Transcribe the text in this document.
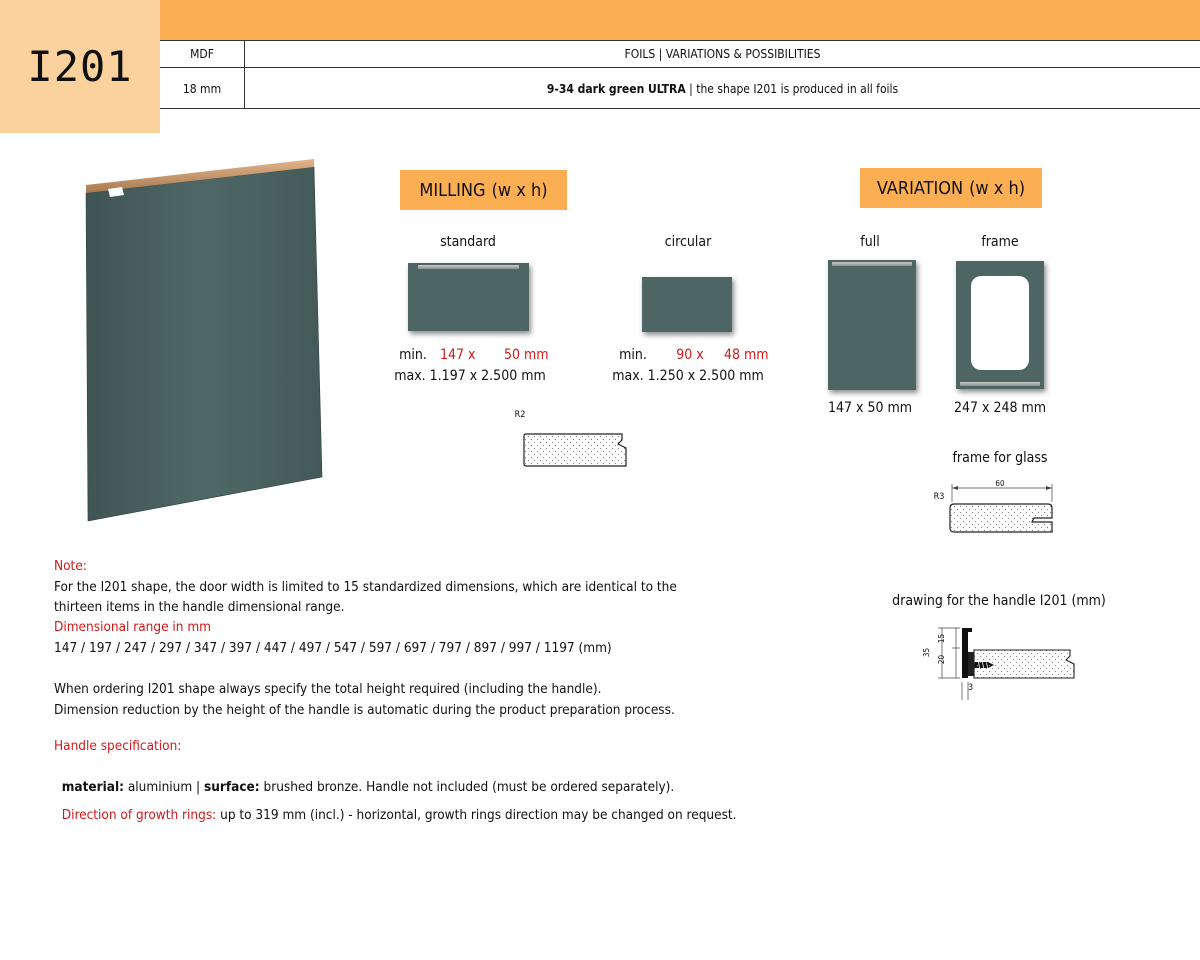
I201	MDF	FOILS | VARIATIONS & POSSIBILITIES
18 mm	9-34 dark green ULTRA | the shape I201 is produced in all foils
MILLING (w x h)
standard
min. 147 x 50 mm
max. 1.197 x 2.500 mm
circular
min. 90 x 48 mm
max. 1.250 x 2.500 mm
R2
VARIATION (w x h)
full
147 x 50 mm
frame
247 x 248 mm
frame for glass
R3
60
drawing for the handle I201 (mm)
35
15
20
3
Note:
For the I201 shape, the door width is limited to 15 standardized dimensions, which are identical to the
thirteen items in the handle dimensional range.
Dimensional range in mm
147 / 197 / 247 / 297 / 347 / 397 / 447 / 497 / 547 / 597 / 697 / 797 / 897 / 997 / 1197 (mm)
When ordering I201 shape always specify the total height required (including the handle).
Dimension reduction by the height of the handle is automatic during the product preparation process.
Handle specification:

material: aluminium | surface: brushed bronze. Handle not included (must be ordered separately).

Direction of growth rings: up to 319 mm (incl.) - horizontal, growth rings direction may be changed on request.
